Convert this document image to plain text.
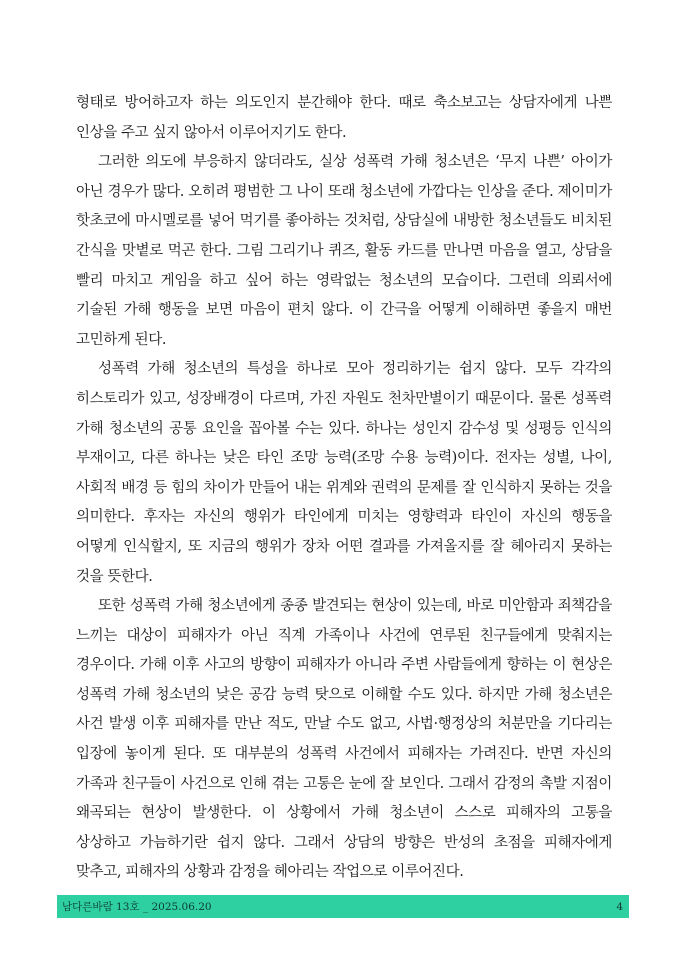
형태로 방어하고자 하는 의도인지 분간해야 한다. 때로 축소보고는 상담자에게 나쁜 인상을 주고 싶지 않아서 이루어지기도 한다.

그러한 의도에 부응하지 않더라도, 실상 성폭력 가해 청소년은 ‘무지 나쁜’ 아이가 아닌 경우가 많다. 오히려 평범한 그 나이 또래 청소년에 가깝다는 인상을 준다. 제이미가 핫초코에 마시멜로를 넣어 먹기를 좋아하는 것처럼, 상담실에 내방한 청소년들도 비치된 간식을 맛볕로 먹곤 한다. 그림 그리기나 퀴즈, 활동 카드를 만나면 마음을 열고, 상담을 빨리 마치고 게임을 하고 싶어 하는 영락없는 청소년의 모습이다. 그런데 의뢰서에 기술된 가해 행동을 보면 마음이 편치 않다. 이 간극을 어떻게 이해하면 좋을지 매번 고민하게 된다.

성폭력 가해 청소년의 특성을 하나로 모아 정리하기는 쉽지 않다. 모두 각각의 히스토리가 있고, 성장배경이 다르며, 가진 자원도 천차만별이기 때문이다. 물론 성폭력 가해 청소년의 공통 요인을 꼽아볼 수는 있다. 하나는 성인지 감수성 및 성평등 인식의 부재이고, 다른 하나는 낮은 타인 조망 능력(조망 수용 능력)이다. 전자는 성별, 나이, 사회적 배경 등 힘의 차이가 만들어 내는 위계와 권력의 문제를 잘 인식하지 못하는 것을 의미한다. 후자는 자신의 행위가 타인에게 미치는 영향력과 타인이 자신의 행동을 어떻게 인식할지, 또 지금의 행위가 장차 어떤 결과를 가져올지를 잘 헤아리지 못하는 것을 뜻한다.

또한 성폭력 가해 청소년에게 종종 발견되는 현상이 있는데, 바로 미안함과 죄책감을 느끼는 대상이 피해자가 아닌 직계 가족이나 사건에 연루된 친구들에게 맞춰지는 경우이다. 가해 이후 사고의 방향이 피해자가 아니라 주변 사람들에게 향하는 이 현상은 성폭력 가해 청소년의 낮은 공감 능력 탓으로 이해할 수도 있다. 하지만 가해 청소년은 사건 발생 이후 피해자를 만난 적도, 만날 수도 없고, 사법·행정상의 처분만을 기다리는 입장에 놓이게 된다. 또 대부분의 성폭력 사건에서 피해자는 가려진다. 반면 자신의 가족과 친구들이 사건으로 인해 겪는 고통은 눈에 잘 보인다. 그래서 감정의 촉발 지점이 왜곡되는 현상이 발생한다. 이 상황에서 가해 청소년이 스스로 피해자의 고통을 상상하고 가늠하기란 쉽지 않다. 그래서 상담의 방향은 반성의 초점을 피해자에게 맞추고, 피해자의 상황과 감정을 헤아리는 작업으로 이루어진다.

남다른바람 13호 _ 2025.06.20	4
